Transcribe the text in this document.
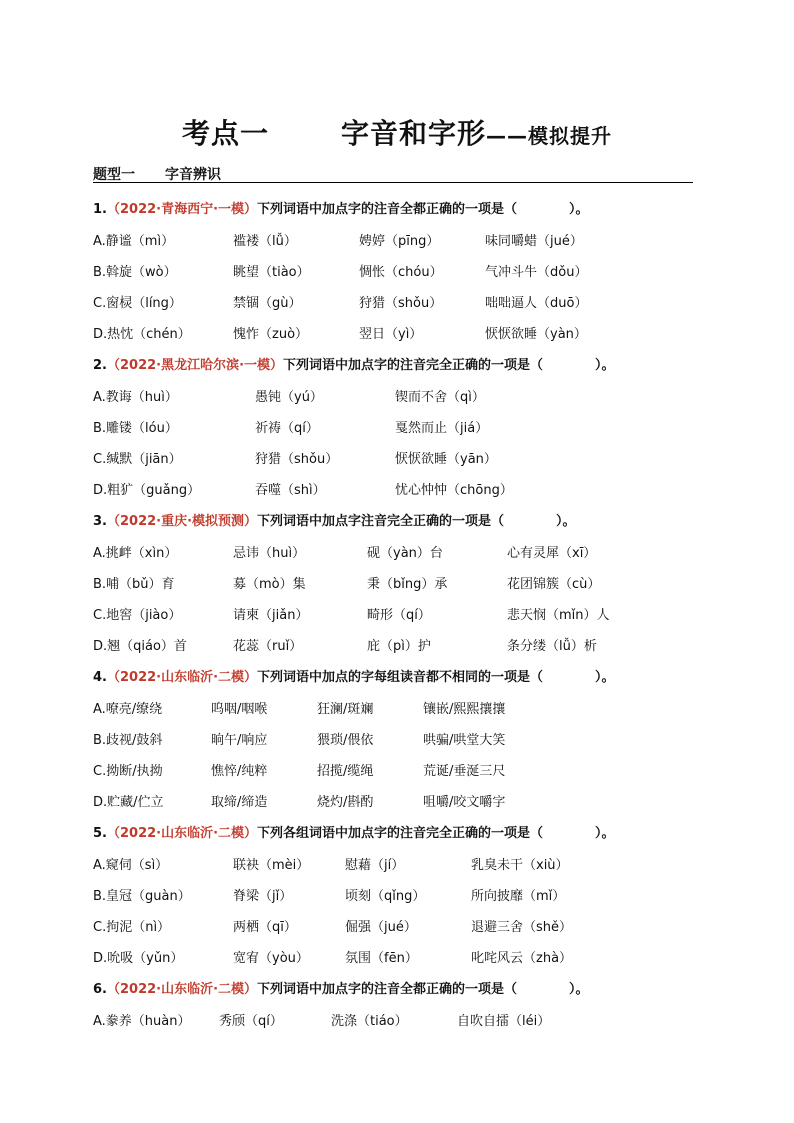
考点一	字音和字形——模拟提升
题型一 字音辨识
1.（2022·青海西宁·一模）下列词语中加点字的注音全都正确的一项是（　　　　）。
A.静谧（mì）	褴褛（lǚ）	娉婷（pīng）	味同嚼蜡（jué）
B.斡旋（wò）	眺望（tiào）	惆怅（chóu）	气冲斗牛（dǒu）
C.窗棂（líng）	禁锢（gù）	狩猎（shǒu）	咄咄逼人（duō）
D.热忱（chén）	愧怍（zuò）	翌日（yì）	恹恹欲睡（yàn）
2.（2022·黑龙江哈尔滨·一模）下列词语中加点字的注音完全正确的一项是（　　　　）。
A.教诲（huì）	愚钝（yú）	锲而不舍（qì）
B.雕镂（lóu）	祈祷（qí）	戛然而止（jiá）
C.缄默（jiān）	狩猎（shǒu）	恹恹欲睡（yān）
D.粗犷（guǎng）	吞噬（shì）	忧心忡忡（chōng）
3.（2022·重庆·模拟预测）下列词语中加点字注音完全正确的一项是（　　　　）。
A.挑衅（xìn）	忌讳（huì）	砚（yàn）台	心有灵犀（xī）
B.哺（bǔ）育	募（mò）集	秉（bǐng）承	花团锦簇（cù）
C.地窖（jiào）	请柬（jiǎn）	畸形（qí）	悲天悯（mǐn）人
D.翘（qiáo）首	花蕊（ruǐ）	庇（pì）护	条分缕（lǚ）析
4.（2022·山东临沂·二模）下列词语中加点的字每组读音都不相同的一项是（　　　　）。
A.嘹亮/缭绕	呜咽/咽喉	狂澜/斑斓	镶嵌/熙熙攘攘
B.歧视/鼓斜	晌午/响应	猥琐/偎依	哄骗/哄堂大笑
C.拗断/执拗	憔悴/纯粹	招揽/缆绳	荒诞/垂涎三尺
D.贮藏/伫立	取缔/缔造	烧灼/斟酌	咀嚼/咬文嚼字
5.（2022·山东临沂·二模）下列各组词语中加点字的注音完全正确的一项是（　　　　）。
A.窥伺（sì）	联袂（mèi）	慰藉（jí）	乳臭未干（xiù）
B.皇冠（guàn）	脊梁（jǐ）	顷刻（qǐng）	所向披靡（mǐ）
C.拘泥（nì）	两栖（qī）	倔强（jué）	退避三舍（shě）
D.吮吸（yǔn）	宽宥（yòu）	氛围（fēn）	叱咤风云（zhà）
6.（2022·山东临沂·二模）下列词语中加点字的注音全都正确的一项是（　　　　）。
A.豢养（huàn） 秀颀（qí）	洗涤（tiáo）	自吹自擂（léi）
